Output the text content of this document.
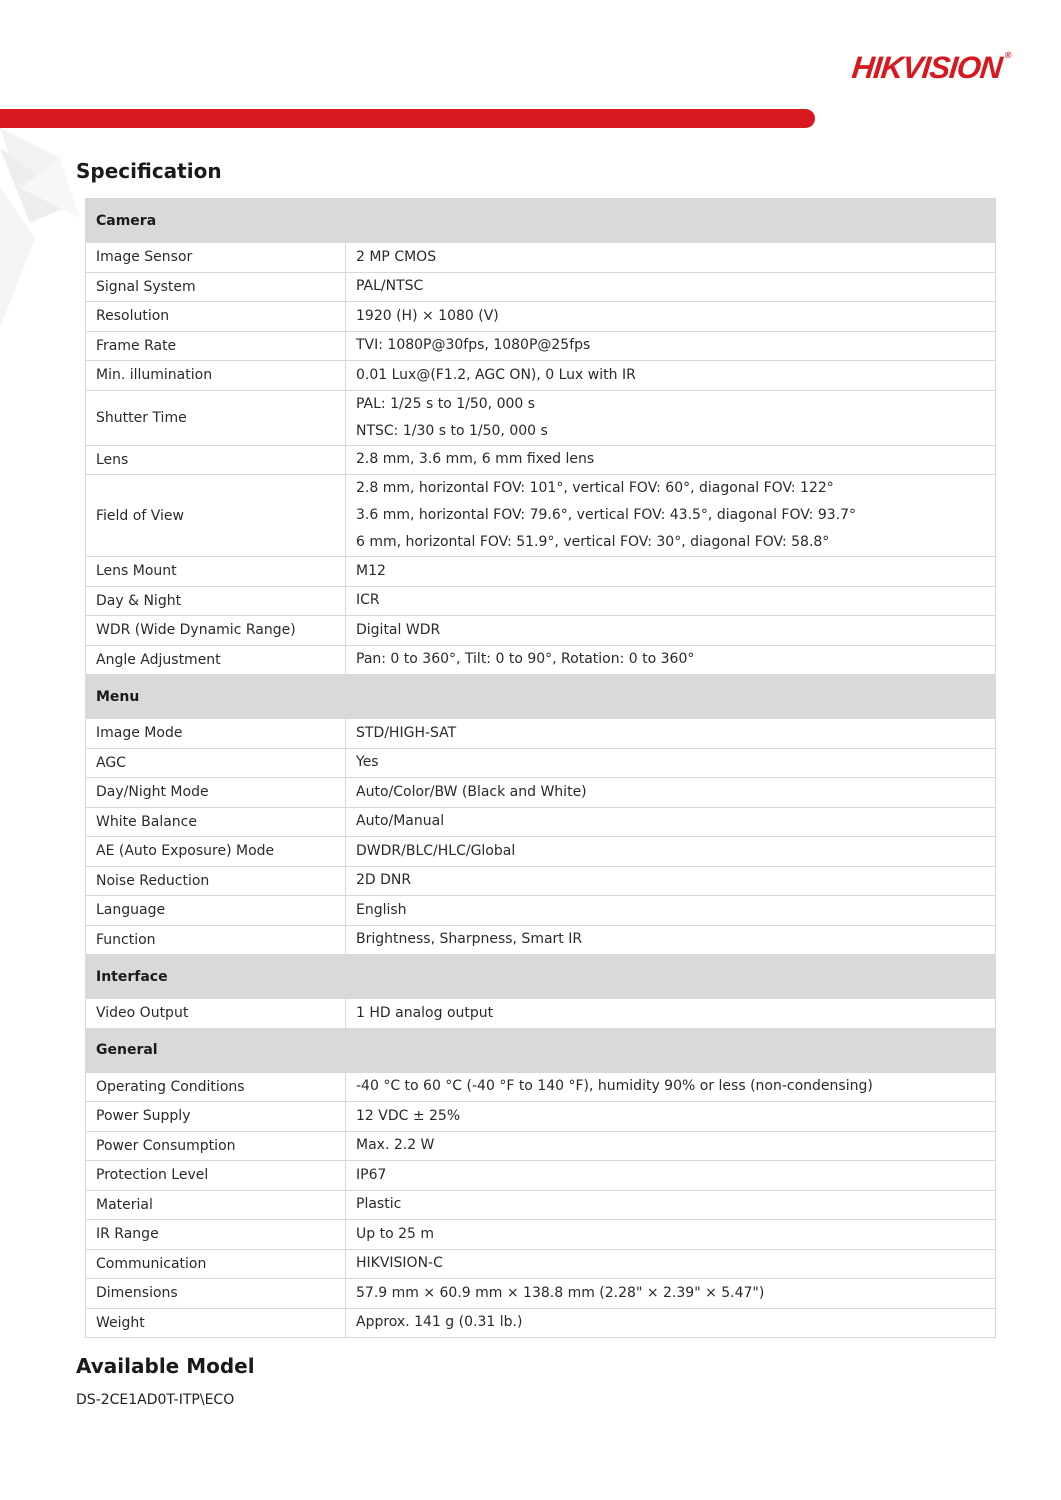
HIKVISION®
Specification
Camera	
Image Sensor	2 MP CMOS

Signal System	PAL/NTSC

Resolution	1920 (H) × 1080 (V)

Frame Rate	TVI: 1080P@30fps, 1080P@25fps

Min. illumination	0.01 Lux@(F1.2, AGC ON), 0 Lux with IR

Shutter Time	PAL: 1/25 s to 1/50, 000 s
NTSC: 1/30 s to 1/50, 000 s

Lens	2.8 mm, 3.6 mm, 6 mm fixed lens

Field of View	2.8 mm, horizontal FOV: 101°, vertical FOV: 60°, diagonal FOV: 122°
3.6 mm, horizontal FOV: 79.6°, vertical FOV: 43.5°, diagonal FOV: 93.7°
6 mm, horizontal FOV: 51.9°, vertical FOV: 30°, diagonal FOV: 58.8°

Lens Mount	M12

Day & Night	ICR

WDR (Wide Dynamic Range)	Digital WDR

Angle Adjustment	Pan: 0 to 360°, Tilt: 0 to 90°, Rotation: 0 to 360°

Menu	
Image Mode	STD/HIGH-SAT

AGC	Yes

Day/Night Mode	Auto/Color/BW (Black and White)

White Balance	Auto/Manual

AE (Auto Exposure) Mode	DWDR/BLC/HLC/Global

Noise Reduction	2D DNR

Language	English

Function	Brightness, Sharpness, Smart IR

Interface	
Video Output	1 HD analog output

General	
Operating Conditions	-40 °C to 60 °C (-40 °F to 140 °F), humidity 90% or less (non-condensing)

Power Supply	12 VDC ± 25%

Power Consumption	Max. 2.2 W

Protection Level	IP67

Material	Plastic

IR Range	Up to 25 m

Communication	HIKVISION-C

Dimensions	57.9 mm × 60.9 mm × 138.8 mm (2.28" × 2.39" × 5.47")

Weight	Approx. 141 g (0.31 lb.)
Available Model
DS-2CE1AD0T-ITP\ECO
